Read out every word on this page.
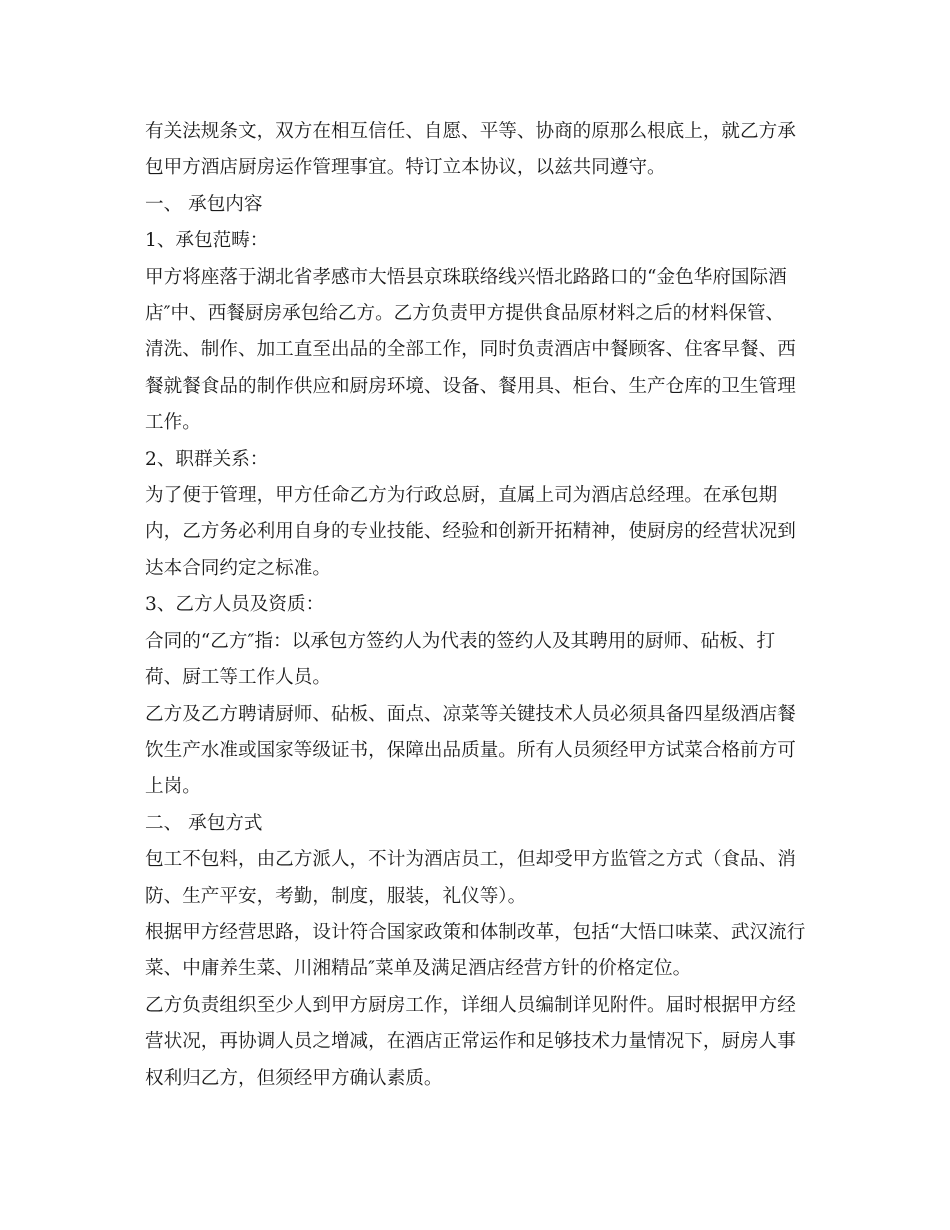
有关法规条文，双方在相互信任、自愿、平等、协商的原那么根底上，就乙方承
包甲方酒店厨房运作管理事宜。特订立本协议，以兹共同遵守。

一、 承包内容

1、承包范畴：

甲方将座落于湖北省孝感市大悟县京珠联络线兴悟北路路口的“金色华府国际酒
店″中、西餐厨房承包给乙方。乙方负责甲方提供食品原材料之后的材料保管、
清洗、制作、加工直至出品的全部工作，同时负责酒店中餐顾客、住客早餐、西
餐就餐食品的制作供应和厨房环境、设备、餐用具、柜台、生产仓库的卫生管理
工作。

2、职群关系：

为了便于管理，甲方任命乙方为行政总厨，直属上司为酒店总经理。在承包期
内，乙方务必利用自身的专业技能、经验和创新开拓精神，使厨房的经营状况到
达本合同约定之标准。

3、乙方人员及资质：

合同的“乙方″指：以承包方签约人为代表的签约人及其聘用的厨师、砧板、打
荷、厨工等工作人员。

乙方及乙方聘请厨师、砧板、面点、凉菜等关键技术人员必须具备四星级酒店餐
饮生产水准或国家等级证书，保障出品质量。所有人员须经甲方试菜合格前方可
上岗。

二、 承包方式

包工不包料，由乙方派人，不计为酒店员工，但却受甲方监管之方式（食品、消
防、生产平安，考勤，制度，服装，礼仪等）。

根据甲方经营思路，设计符合国家政策和体制改革，包括“大悟口味菜、武汉流行
菜、中庸养生菜、川湘精品″菜单及满足酒店经营方针的价格定位。

乙方负责组织至少人到甲方厨房工作，详细人员编制详见附件。届时根据甲方经
营状况，再协调人员之增减，在酒店正常运作和足够技术力量情况下，厨房人事
权利归乙方，但须经甲方确认素质。
